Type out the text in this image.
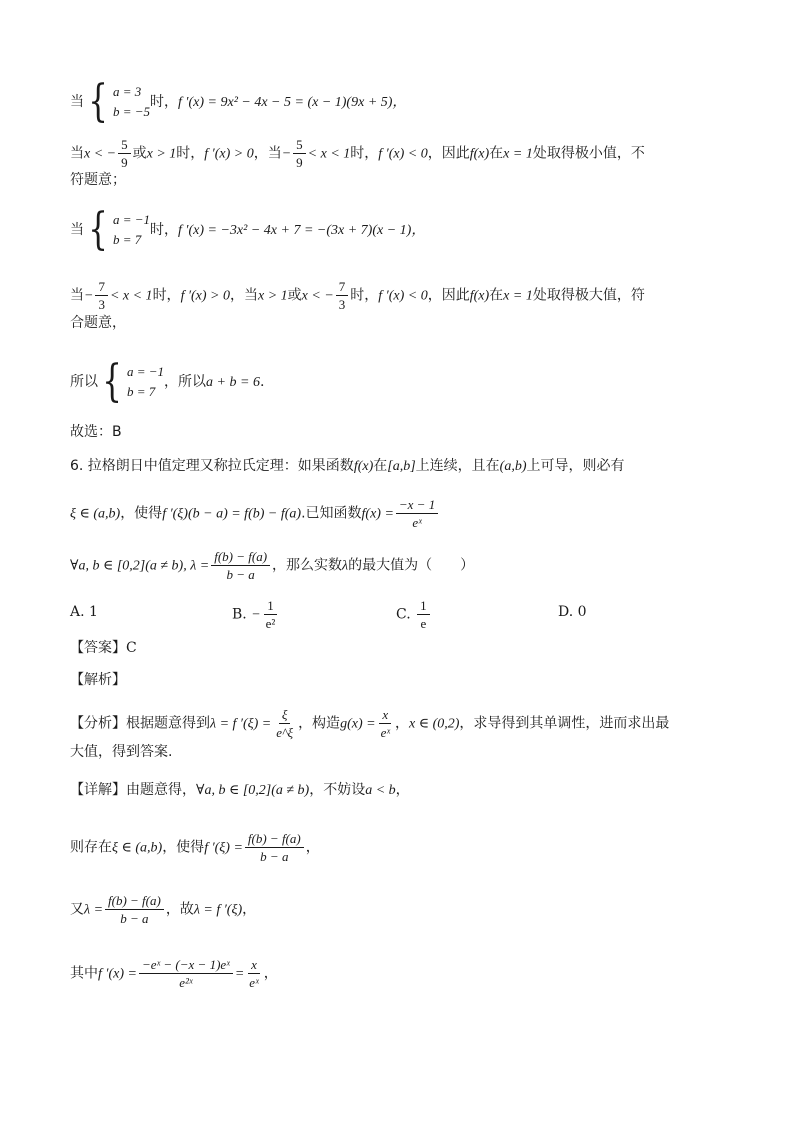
当 { a = 3
b = −5
时，f ′(x) = 9x² − 4x − 5 = (x − 1)(9x + 5)，
当x < − $\frac{5}{9}$ 或x > 1时，f ′(x) > 0，当− $\frac{5}{9} < x < 1$时，f ′(x) < 0，因此f(x)在x = 1处取得极小值，不
符题意；
当 { a = −1
b = 7
时，f ′(x) = −3x² − 4x + 7 = −(3x + 7)(x − 1)，
当− $\frac{7}{3} < x < 1$时，f ′(x) > 0，当x > 1或x < − $\frac{7}{3}$ 时，f ′(x) < 0，因此f(x)在x = 1处取得极大值，符
合题意，
所以 { a = −1
b = 7
，所以a + b = 6.
故选：B
6. 拉格朗日中值定理又称拉氏定理：如果函数f(x)在[a,b]上连续，且在(a,b)上可导，则必有
ξ ∈ (a,b)，使得f ′(ξ)(b − a) = f(b) − f(a).已知函数$f(x) = \frac{-x - 1}{\text{eˣ}}$
∀a, b ∈ [0,2](a ≠ b), $\lambda = \frac{f(b) - f(a)}{b - a}$ ，那么实数λ的最大值为（　　）
A. 1	B. − $\frac{1}{\text{e²}}$	C. $\frac{1}{e}$	D. 0
【答案】C
【解析】
【分析】根据题意得到λ = f $'(\xi) = \frac{\xi}{e\^{}\xi}$ ，构造$g(x) = \frac{x}{\text{eˣ}}$ ，x ∈ (0,2)，求导得到其单调性，进而求出最
大值，得到答案.
【详解】由题意得，∀a, b ∈ [0,2](a ≠ b)，不妨设a < b，
则存在ξ ∈ (a,b)，使得f $'(\xi) = \frac{f(b) - f(a)}{b - a}$ ，
又$\lambda = \frac{f(b) - f(a)}{b - a}$ ，故λ = f ′(ξ)，
其中f $'(x) = \frac{\text{−eˣ − (−x − 1)eˣ}}{\text{e²ˣ}} = \frac{x}{\text{eˣ}}$ ，
